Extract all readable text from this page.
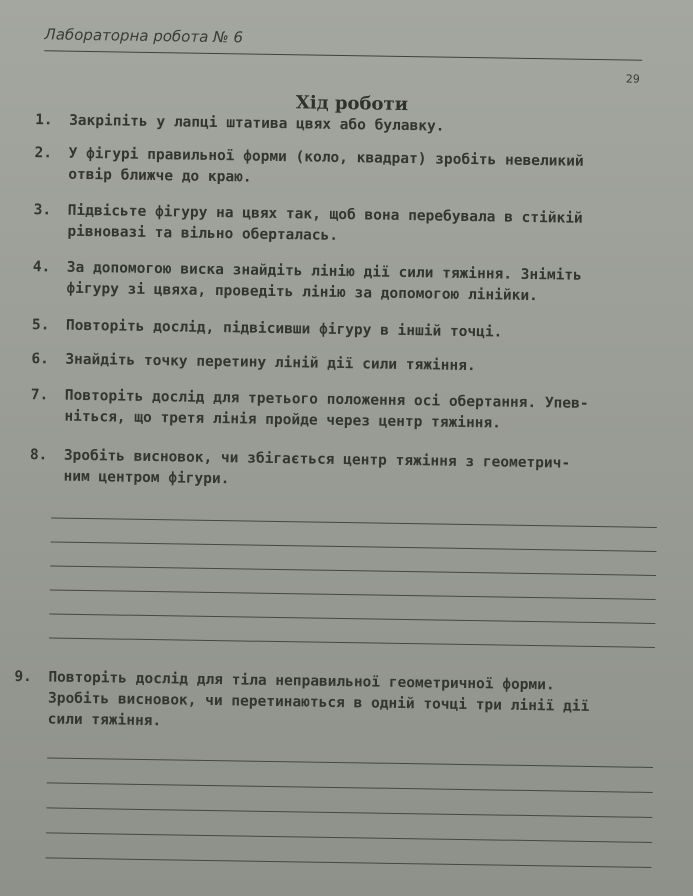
Лабораторна робота № 6
29
Хід роботи
1.	Закріпіть у лапці штатива цвях або булавку.
2.	У фігурі правильної форми (коло, квадрат) зробіть невеликий
отвір ближче до краю.
3.	Підвісьте фігуру на цвях так, щоб вона перебувала в стійкій
рівновазі та вільно оберталась.
4.	За допомогою виска знайдіть лінію дії сили тяжіння. Зніміть
фігуру зі цвяха, проведіть лінію за допомогою лінійки.
5.	Повторіть дослід, підвісивши фігуру в іншій точці.
6.	Знайдіть точку перетину ліній дії сили тяжіння.
7.	Повторіть дослід для третього положення осі обертання. Упев-
ніться, що третя лінія пройде через центр тяжіння.
8.	Зробіть висновок, чи збігається центр тяжіння з геометрич-
ним центром фігури.
9.	Повторіть дослід для тіла неправильної геометричної форми.
Зробіть висновок, чи перетинаються в одній точці три лінії дії
сили тяжіння.
